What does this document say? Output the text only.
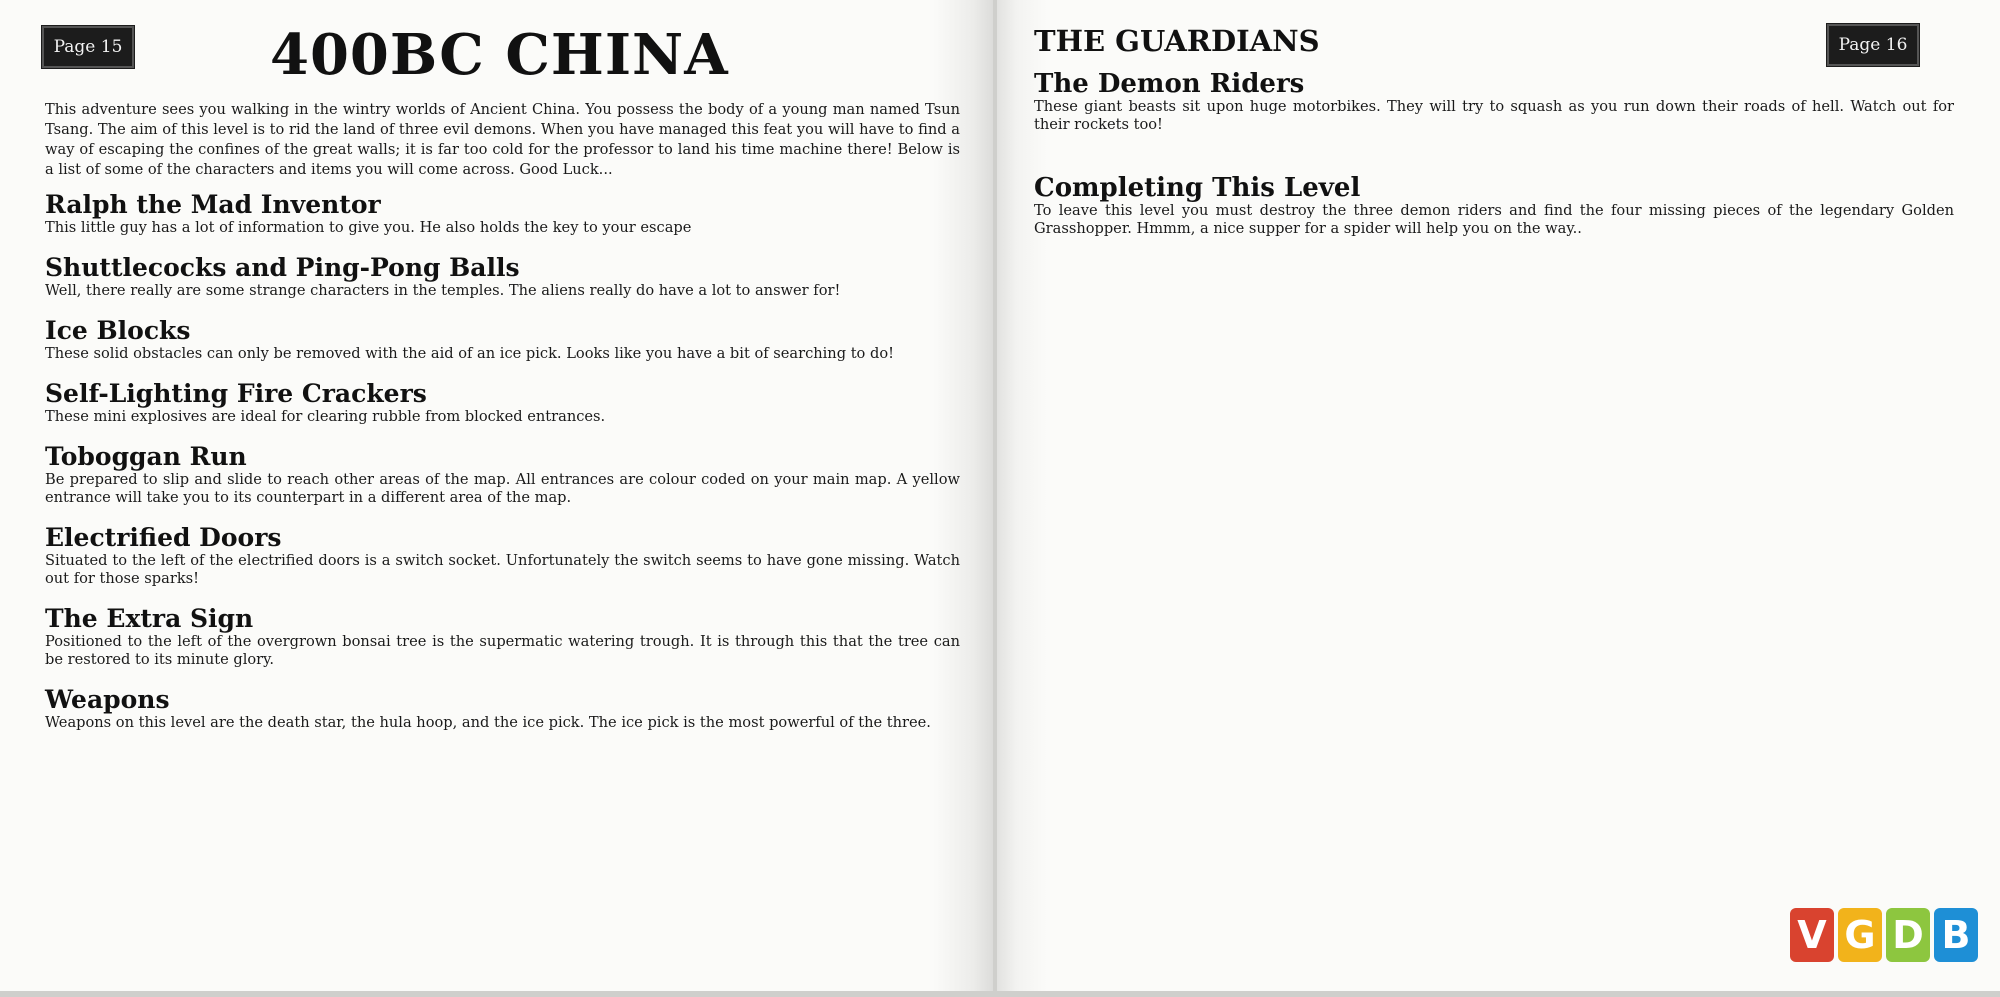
Page 15	400BC CHINA

This adventure sees you walking in the wintry worlds of Ancient China. You possess the body of a young man named Tsun Tsang. The aim of this level is to rid the land of three evil demons. When you have managed this feat you will have to find a way of escaping the confines of the great walls; it is far too cold for the professor to land his time machine there! Below is a list of some of the characters and items you will come across. Good Luck...

Ralph the Mad Inventor

This little guy has a lot of information to give you. He also holds the key to your escape

Shuttlecocks and Ping-Pong Balls

Well, there really are some strange characters in the temples. The aliens really do have a lot to answer for!

Ice Blocks

These solid obstacles can only be removed with the aid of an ice pick. Looks like you have a bit of searching to do!

Self-Lighting Fire Crackers

These mini explosives are ideal for clearing rubble from blocked entrances.

Toboggan Run

Be prepared to slip and slide to reach other areas of the map. All entrances are colour coded on your main map. A yellow entrance will take you to its counterpart in a different area of the map.

Electrified Doors

Situated to the left of the electrified doors is a switch socket. Unfortunately the switch seems to have gone missing. Watch out for those sparks!

The Extra Sign

Positioned to the left of the overgrown bonsai tree is the supermatic watering trough. It is through this that the tree can be restored to its minute glory.

Weapons

Weapons on this level are the death star, the hula hoop, and the ice pick. The ice pick is the most powerful of the three.

THE GUARDIANS	Page 16
The Demon Riders

These giant beasts sit upon huge motorbikes. They will try to squash as you run down their roads of hell. Watch out for their rockets too!

Completing This Level

To leave this level you must destroy the three demon riders and find the four missing pieces of the legendary Golden Grasshopper. Hmmm, a nice supper for a spider will help you on the way..

V G D B
